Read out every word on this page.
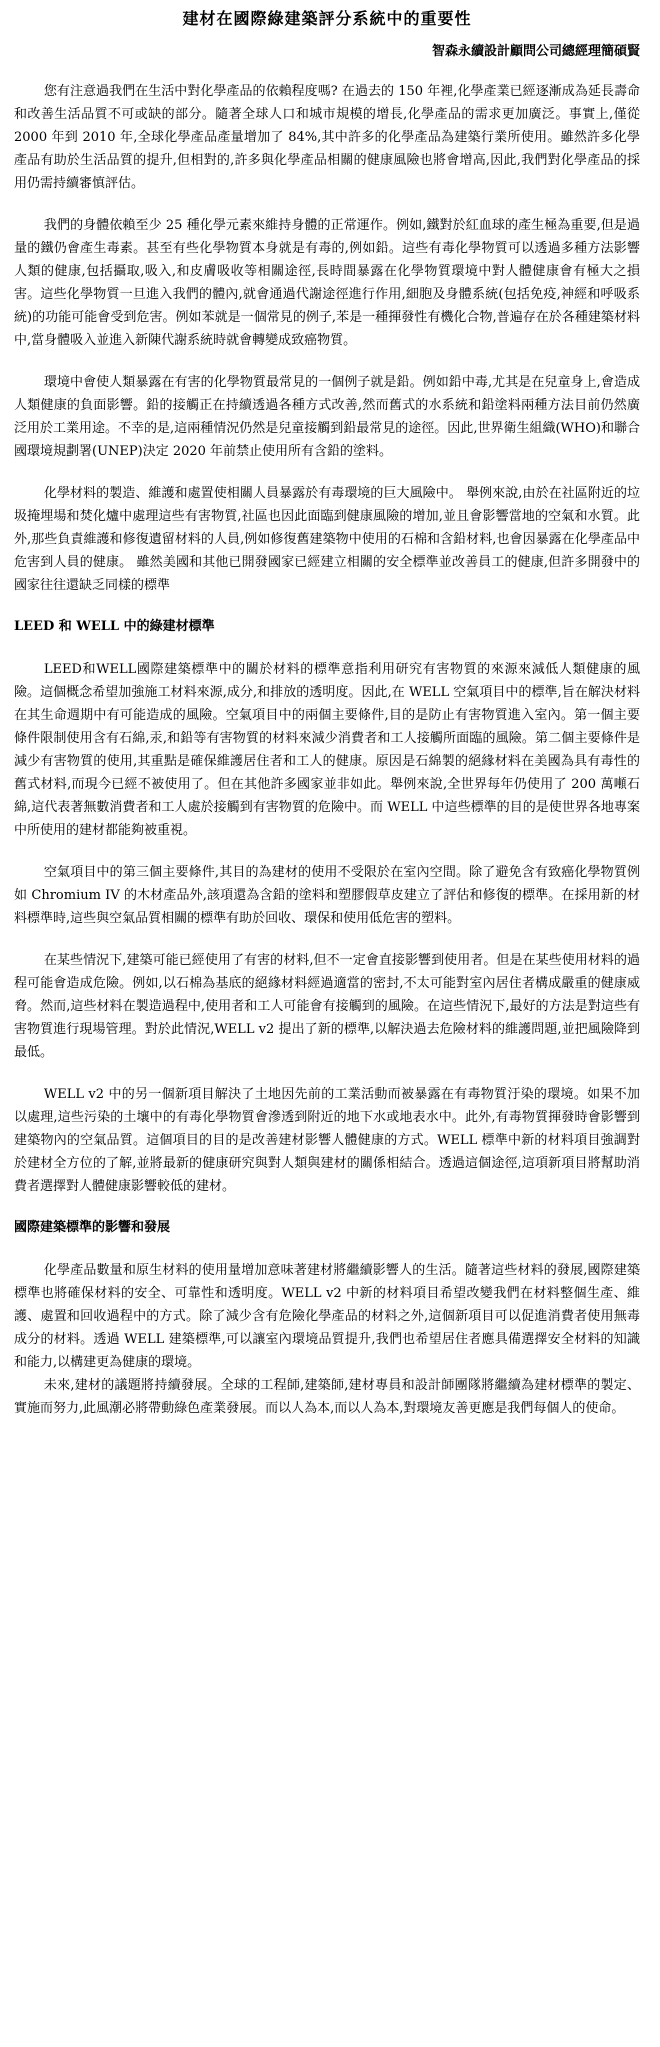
建材在國際綠建築評分系統中的重要性
智森永續設計顧問公司總經理簡碩賢

您有注意過我們在生活中對化學產品的依賴程度嗎? 在過去的 150 年裡,化學產業已經逐漸成為延長壽命和改善生活品質不可或缺的部分。隨著全球人口和城市規模的增長,化學產品的需求更加廣泛。事實上,僅從 2000 年到 2010 年,全球化學產品產量增加了 84%,其中許多的化學產品為建築行業所使用。雖然許多化學產品有助於生活品質的提升,但相對的,許多與化學產品相關的健康風險也將會增高,因此,我們對化學產品的採用仍需持續審慎評估。

我們的身體依賴至少 25 種化學元素來維持身體的正常運作。例如,鐵對於紅血球的產生極為重要,但是過量的鐵仍會產生毒素。甚至有些化學物質本身就是有毒的,例如鉛。這些有毒化學物質可以透過多種方法影響人類的健康,包括攝取,吸入,和皮膚吸收等相關途徑,長時間暴露在化學物質環境中對人體健康會有極大之損害。這些化學物質一旦進入我們的體內,就會通過代謝途徑進行作用,細胞及身體系統(包括免疫,神經和呼吸系統)的功能可能會受到危害。例如苯就是一個常見的例子,苯是一種揮發性有機化合物,普遍存在於各種建築材料中,當身體吸入並進入新陳代謝系統時就會轉變成致癌物質。

環境中會使人類暴露在有害的化學物質最常見的一個例子就是鉛。例如鉛中毒,尤其是在兒童身上,會造成人類健康的負面影響。鉛的接觸正在持續透過各種方式改善,然而舊式的水系統和鉛塗料兩種方法目前仍然廣泛用於工業用途。不幸的是,這兩種情況仍然是兒童接觸到鉛最常見的途徑。因此,世界衛生組織(WHO)和聯合國環境規劃署(UNEP)決定 2020 年前禁止使用所有含鉛的塗料。

化學材料的製造、維護和處置使相關人員暴露於有毒環境的巨大風險中。 舉例來說,由於在社區附近的垃圾掩埋場和焚化爐中處理這些有害物質,社區也因此面臨到健康風險的增加,並且會影響當地的空氣和水質。此外,那些負責維護和修復遺留材料的人員,例如修復舊建築物中使用的石棉和含鉛材料,也會因暴露在化學產品中危害到人員的健康。 雖然美國和其他已開發國家已經建立相關的安全標準並改善員工的健康,但許多開發中的國家往往還缺乏同樣的標準

LEED 和 WELL 中的綠建材標準

LEED和WELL國際建築標準中的關於材料的標準意指利用研究有害物質的來源來減低人類健康的風險。這個概念希望加強施工材料來源,成分,和排放的透明度。因此,在 WELL 空氣項目中的標準,旨在解決材料在其生命週期中有可能造成的風險。空氣項目中的兩個主要條件,目的是防止有害物質進入室內。第一個主要條件限制使用含有石綿,汞,和鉛等有害物質的材料來減少消費者和工人接觸所面臨的風險。第二個主要條件是減少有害物質的使用,其重點是確保維護居住者和工人的健康。原因是石綿製的絕緣材料在美國為具有毒性的舊式材料,而現今已經不被使用了。但在其他許多國家並非如此。舉例來說,全世界每年仍使用了 200 萬噸石綿,這代表著無數消費者和工人處於接觸到有害物質的危險中。而 WELL 中這些標準的目的是使世界各地專案中所使用的建材都能夠被重視。

空氣項目中的第三個主要條件,其目的為建材的使用不受限於在室內空間。除了避免含有致癌化學物質例如 Chromium IV 的木材產品外,該項還為含鉛的塗料和塑膠假草皮建立了評估和修復的標準。在採用新的材料標準時,這些與空氣品質相關的標準有助於回收、環保和使用低危害的塑料。

在某些情況下,建築可能已經使用了有害的材料,但不一定會直接影響到使用者。但是在某些使用材料的過程可能會造成危險。例如,以石棉為基底的絕緣材料經過適當的密封,不太可能對室內居住者構成嚴重的健康威脅。然而,這些材料在製造過程中,使用者和工人可能會有接觸到的風險。在這些情況下,最好的方法是對這些有害物質進行現場管理。對於此情況,WELL v2 提出了新的標準,以解決過去危險材料的維護問題,並把風險降到最低。

WELL v2 中的另一個新項目解決了土地因先前的工業活動而被暴露在有毒物質汙染的環境。如果不加以處理,這些污染的土壤中的有毒化學物質會滲透到附近的地下水或地表水中。此外,有毒物質揮發時會影響到建築物內的空氣品質。這個項目的目的是改善建材影響人體健康的方式。WELL 標準中新的材料項目強調對於建材全方位的了解,並將最新的健康研究與對人類與建材的關係相結合。透過這個途徑,這項新項目將幫助消費者選擇對人體健康影響較低的建材。

國際建築標準的影響和發展

化學產品數量和原生材料的使用量增加意味著建材將繼續影響人的生活。隨著這些材料的發展,國際建築標準也將確保材料的安全、可靠性和透明度。WELL v2 中新的材料項目希望改變我們在材料整個生產、維護、處置和回收過程中的方式。除了減少含有危險化學產品的材料之外,這個新項目可以促進消費者使用無毒成分的材料。透過 WELL 建築標準,可以讓室內環境品質提升,我們也希望居住者應具備選擇安全材料的知識和能力,以構建更為健康的環境。

未來,建材的議題將持續發展。全球的工程師,建築師,建材專員和設計師團隊將繼續為建材標準的製定、實施而努力,此風潮必將帶動綠色產業發展。而以人為本,而以人為本,對環境友善更應是我們每個人的使命。
